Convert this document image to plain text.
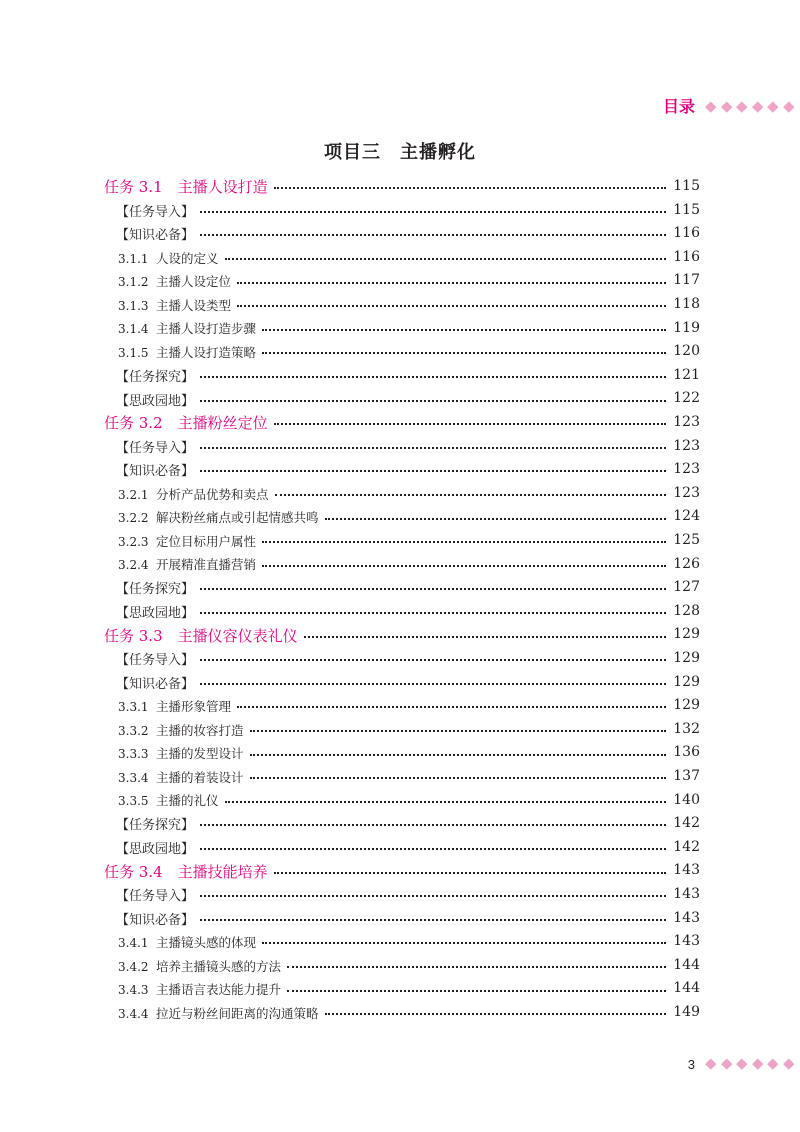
目录
项目三　主播孵化
任务 3.1　主播人设打造	115
【任务导入】	115
【知识必备】	116
3.1.1 人设的定义	116
3.1.2 主播人设定位	117
3.1.3 主播人设类型	118
3.1.4 主播人设打造步骤	119
3.1.5 主播人设打造策略	120
【任务探究】	121
【思政园地】	122
任务 3.2　主播粉丝定位	123
【任务导入】	123
【知识必备】	123
3.2.1 分析产品优势和卖点	123
3.2.2 解决粉丝痛点或引起情感共鸣	124
3.2.3 定位目标用户属性	125
3.2.4 开展精准直播营销	126
【任务探究】	127
【思政园地】	128
任务 3.3　主播仪容仪表礼仪	129
【任务导入】	129
【知识必备】	129
3.3.1 主播形象管理	129
3.3.2 主播的妆容打造	132
3.3.3 主播的发型设计	136
3.3.4 主播的着装设计	137
3.3.5 主播的礼仪	140
【任务探究】	142
【思政园地】	142
任务 3.4　主播技能培养	143
【任务导入】	143
【知识必备】	143
3.4.1 主播镜头感的体现	143
3.4.2 培养主播镜头感的方法	144
3.4.3 主播语言表达能力提升	144
3.4.4 拉近与粉丝间距离的沟通策略	149
3
